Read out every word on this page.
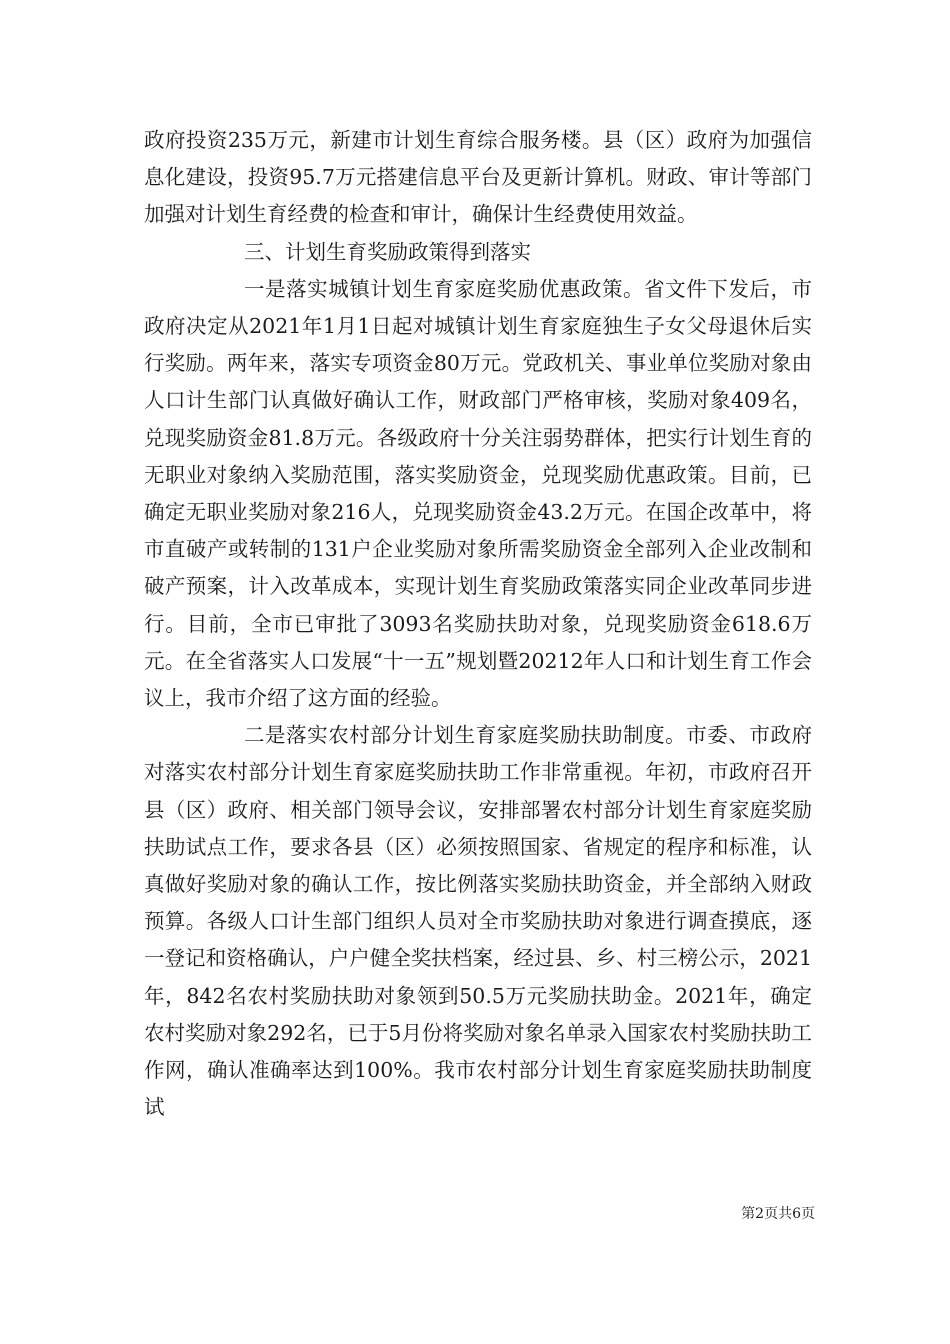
政府投资235万元，新建市计划生育综合服务楼。县（区）政府为加强信息化建设，投资95.7万元搭建信息平台及更新计算机。财政、审计等部门加强对计划生育经费的检查和审计，确保计生经费使用效益。

三、计划生育奖励政策得到落实

一是落实城镇计划生育家庭奖励优惠政策。省文件下发后，市政府决定从2021年1月1日起对城镇计划生育家庭独生子女父母退休后实行奖励。两年来，落实专项资金80万元。党政机关、事业单位奖励对象由人口计生部门认真做好确认工作，财政部门严格审核，奖励对象409名，兑现奖励资金81.8万元。各级政府十分关注弱势群体，把实行计划生育的无职业对象纳入奖励范围，落实奖励资金，兑现奖励优惠政策。目前，已确定无职业奖励对象216人，兑现奖励资金43.2万元。在国企改革中，将市直破产或转制的131户企业奖励对象所需奖励资金全部列入企业改制和破产预案，计入改革成本，实现计划生育奖励政策落实同企业改革同步进行。目前，全市已审批了3093名奖励扶助对象，兑现奖励资金618.6万元。在全省落实人口发展“十一五”规划暨20212年人口和计划生育工作会议上，我市介绍了这方面的经验。

二是落实农村部分计划生育家庭奖励扶助制度。市委、市政府对落实农村部分计划生育家庭奖励扶助工作非常重视。年初，市政府召开县（区）政府、相关部门领导会议，安排部署农村部分计划生育家庭奖励扶助试点工作，要求各县（区）必须按照国家、省规定的程序和标准，认真做好奖励对象的确认工作，按比例落实奖励扶助资金，并全部纳入财政预算。各级人口计生部门组织人员对全市奖励扶助对象进行调查摸底，逐一登记和资格确认，户户健全奖扶档案，经过县、乡、村三榜公示，2021年，842名农村奖励扶助对象领到50.5万元奖励扶助金。2021年，确定农村奖励对象292名，已于5月份将奖励对象名单录入国家农村奖励扶助工作网，确认准确率达到100%。我市农村部分计划生育家庭奖励扶助制度试

第2页共6页
